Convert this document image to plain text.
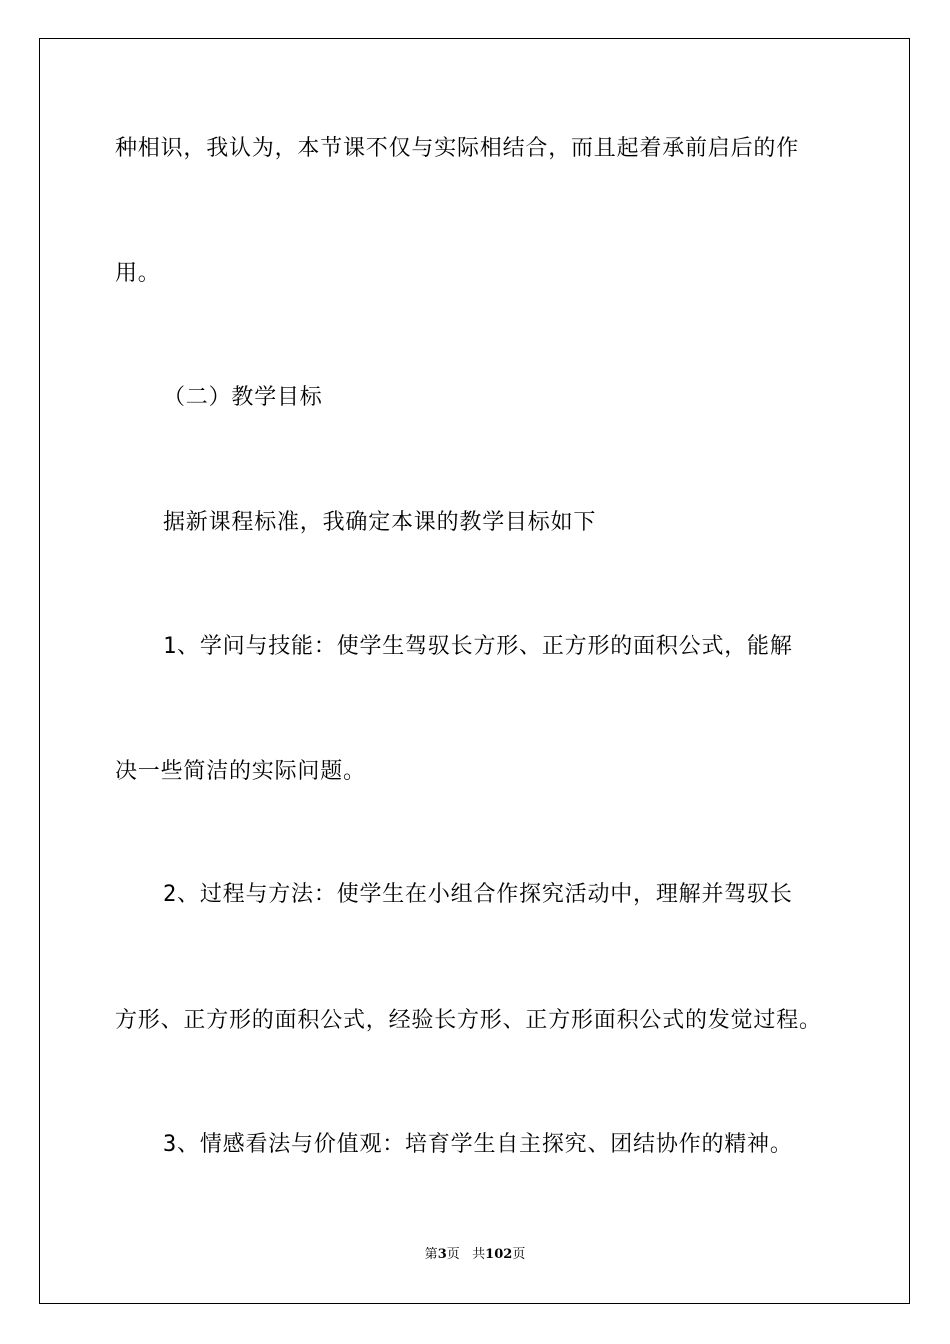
种相识，我认为，本节课不仅与实际相结合，而且起着承前启后的作
用。
（二）教学目标
据新课程标准，我确定本课的教学目标如下
1、学问与技能：使学生驾驭长方形、正方形的面积公式，能解
决一些简洁的实际问题。
2、过程与方法：使学生在小组合作探究活动中，理解并驾驭长
方形、正方形的面积公式，经验长方形、正方形面积公式的发觉过程。
3、情感看法与价值观：培育学生自主探究、团结协作的精神。
第3页 共102页
